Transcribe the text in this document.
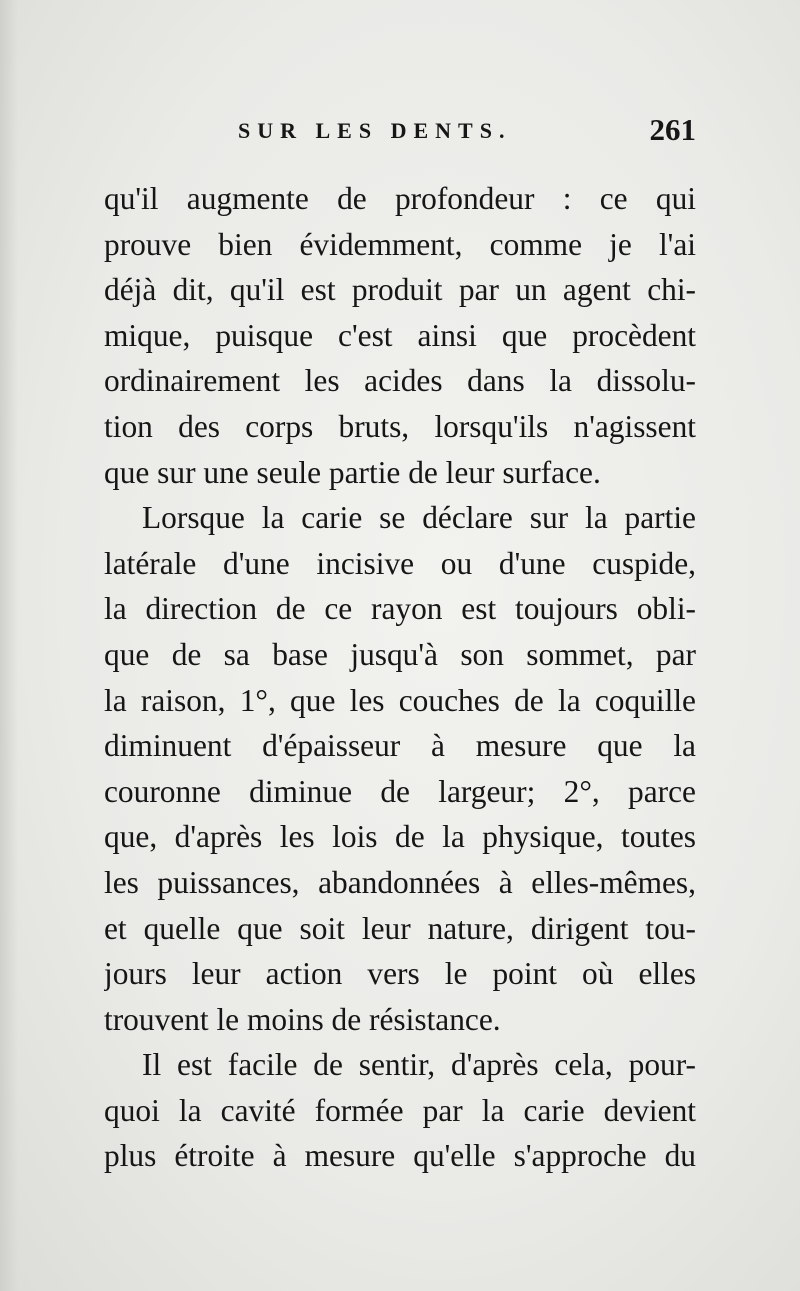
SUR LES DENTS.	261
qu'il augmente de profondeur : ce qui
prouve bien évidemment, comme je l'ai
déjà dit, qu'il est produit par un agent chi-
mique, puisque c'est ainsi que procèdent
ordinairement les acides dans la dissolu-
tion des corps bruts, lorsqu'ils n'agissent
que sur une seule partie de leur surface.
Lorsque la carie se déclare sur la partie
latérale d'une incisive ou d'une cuspide,
la direction de ce rayon est toujours obli-
que de sa base jusqu'à son sommet, par
la raison, 1°, que les couches de la coquille
diminuent d'épaisseur à mesure que la
couronne diminue de largeur; 2°, parce
que, d'après les lois de la physique, toutes
les puissances, abandonnées à elles-mêmes,
et quelle que soit leur nature, dirigent tou-
jours leur action vers le point où elles
trouvent le moins de résistance.
Il est facile de sentir, d'après cela, pour-
quoi la cavité formée par la carie devient
plus étroite à mesure qu'elle s'approche du
